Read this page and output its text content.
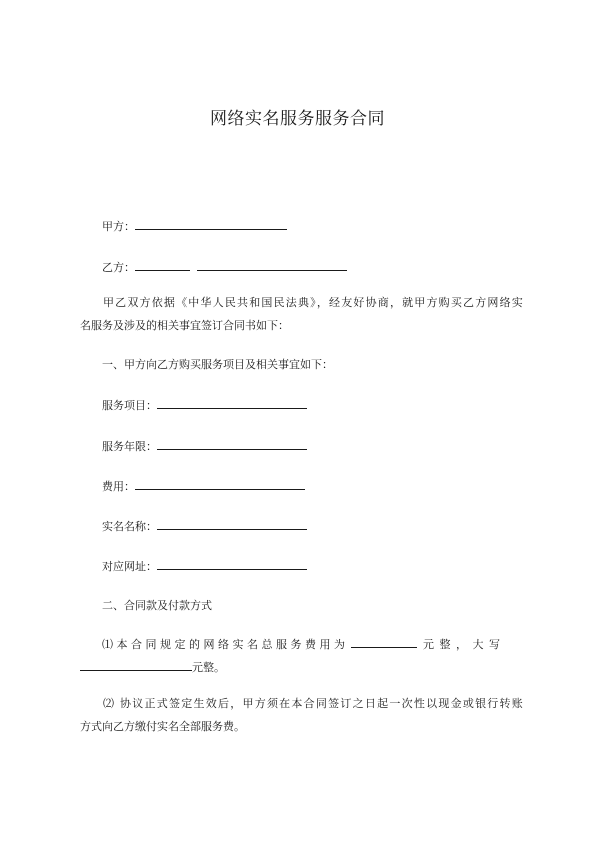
网络实名服务服务合同
甲方：
乙方：
甲乙双方依据《中华人民共和国民法典》，经友好协商，就甲方购买乙方网络实
名服务及涉及的相关事宜签订合同书如下：
一、甲方向乙方购买服务项目及相关事宜如下：
服务项目：
服务年限：
费用：
实名名称：
对应网址：
二、合同款及付款方式
⑴ 本 合 同 规 定 的 网 络 实 名 总 服 务 费 用 为	元 整 ， 大 写
元整。
⑵ 协议正式签定生效后，甲方须在本合同签订之日起一次性以现金或银行转账
方式向乙方缴付实名全部服务费。
